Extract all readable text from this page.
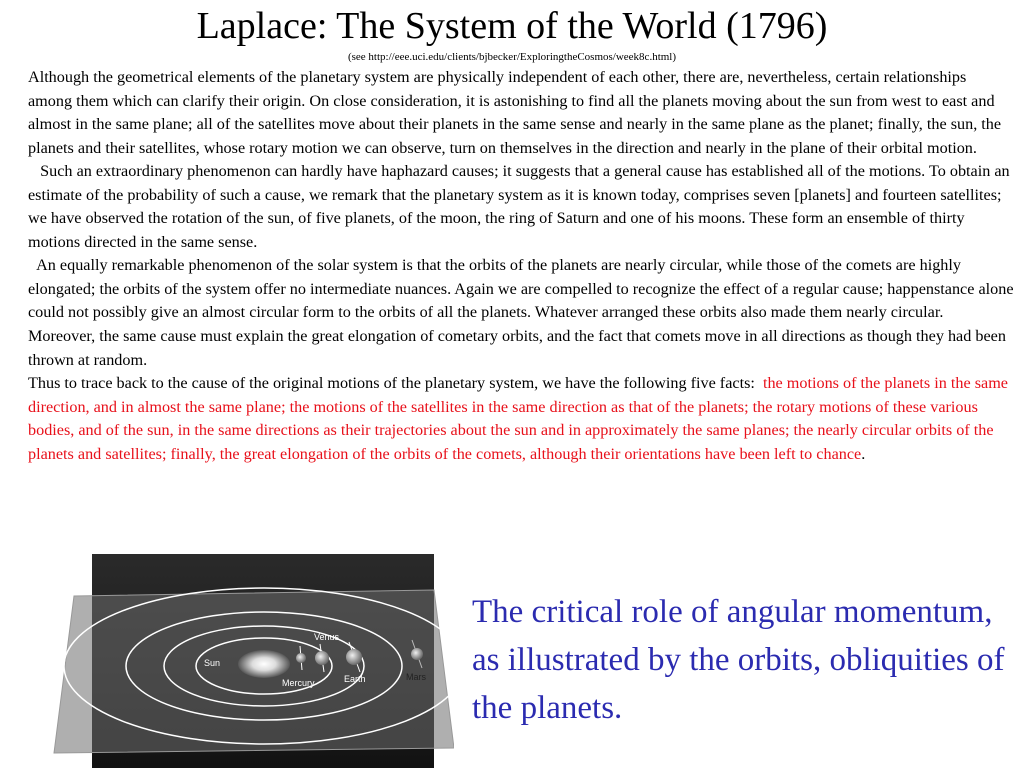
Laplace: The System of the World (1796)
(see http://eee.uci.edu/clients/bjbecker/ExploringtheCosmos/week8c.html)

Although the geometrical elements of the planetary system are physically independent of each other, there are, nevertheless, certain relationships among them which can clarify their origin. On close consideration, it is astonishing to find all the planets moving about the sun from west to east and almost in the same plane; all of the satellites move about their planets in the same sense and nearly in the same plane as the planet; finally, the sun, the planets and their satellites, whose rotary motion we can observe, turn on themselves in the direction and nearly in the plane of their orbital motion.

Such an extraordinary phenomenon can hardly have haphazard causes; it suggests that a general cause has established all of the motions. To obtain an estimate of the probability of such a cause, we remark that the planetary system as it is known today, comprises seven [planets] and fourteen satellites; we have observed the rotation of the sun, of five planets, of the moon, the ring of Saturn and one of his moons. These form an ensemble of thirty motions directed in the same sense.

An equally remarkable phenomenon of the solar system is that the orbits of the planets are nearly circular, while those of the comets are highly elongated; the orbits of the system offer no intermediate nuances. Again we are compelled to recognize the effect of a regular cause; happenstance alone could not possibly give an almost circular form to the orbits of all the planets. Whatever arranged these orbits also made them nearly circular. Moreover, the same cause must explain the great elongation of cometary orbits, and the fact that comets move in all directions as though they had been thrown at random.

Thus to trace back to the cause of the original motions of the planetary system, we have the following five facts: the motions of the planets in the same direction, and in almost the same plane; the motions of the satellites in the same direction as that of the planets; the rotary motions of these various bodies, and of the sun, in the same directions as their trajectories about the sun and in approximately the same planes; the nearly circular orbits of the planets and satellites; finally, the great elongation of the orbits of the comets, although their orientations have been left to chance.

Sun
Mercury
Venus
Earth	Mars
The critical role of angular momentum, as illustrated by the orbits, obliquities of the planets.
